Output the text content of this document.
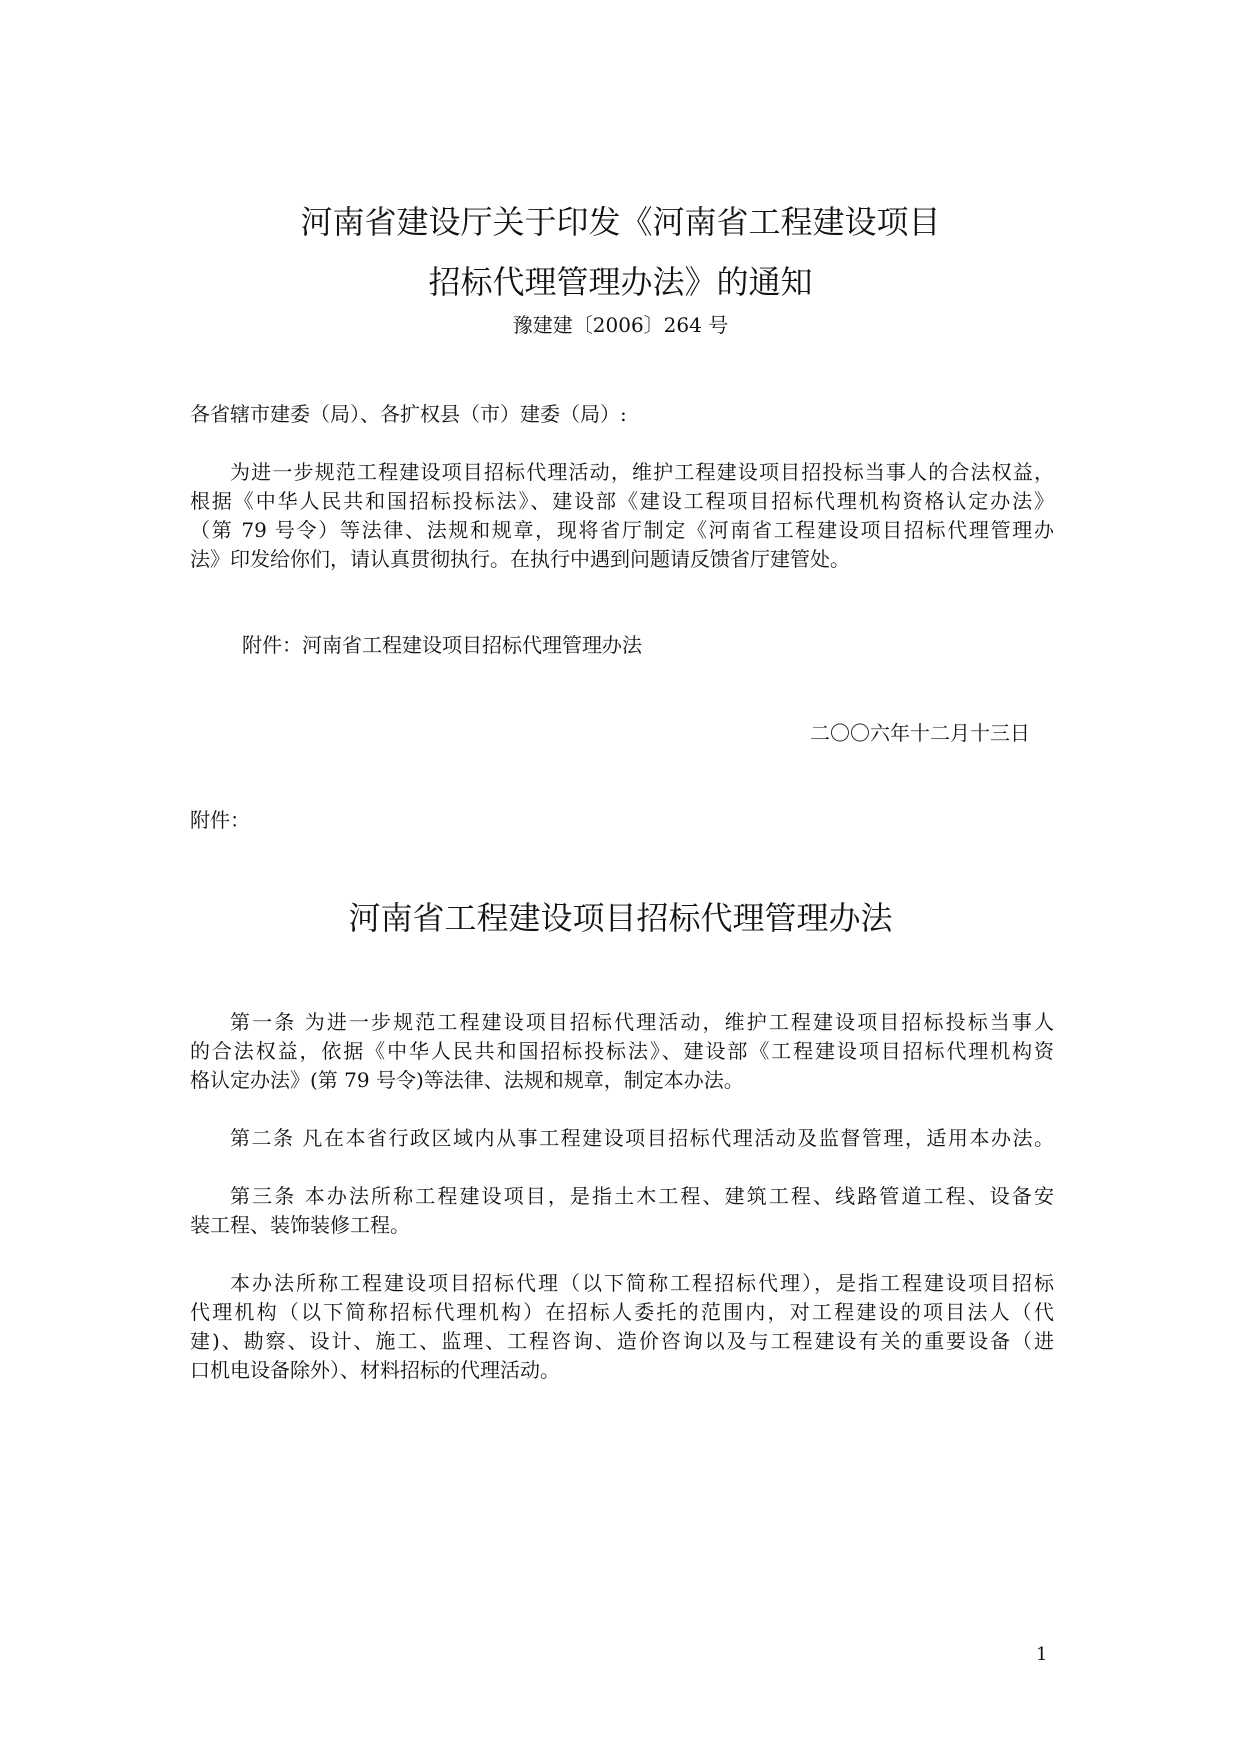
河南省建设厅关于印发《河南省工程建设项目
招标代理管理办法》的通知
豫建建〔2006〕264 号
各省辖市建委（局）、各扩权县（市）建委（局）:
为进一步规范工程建设项目招标代理活动，维护工程建设项目招投标当事人的合法权益，
根据《中华人民共和国招标投标法》、建设部《建设工程项目招标代理机构资格认定办法》
（第 79 号令）等法律、法规和规章，现将省厅制定《河南省工程建设项目招标代理管理办
法》印发给你们，请认真贯彻执行。在执行中遇到问题请反馈省厅建管处。
附件：河南省工程建设项目招标代理管理办法
二〇〇六年十二月十三日
附件：
河南省工程建设项目招标代理管理办法
第一条 为进一步规范工程建设项目招标代理活动，维护工程建设项目招标投标当事人
的合法权益，依据《中华人民共和国招标投标法》、建设部《工程建设项目招标代理机构资
格认定办法》(第 79 号令)等法律、法规和规章，制定本办法。
第二条 凡在本省行政区域内从事工程建设项目招标代理活动及监督管理，适用本办法。
第三条 本办法所称工程建设项目，是指土木工程、建筑工程、线路管道工程、设备安
装工程、装饰装修工程。
本办法所称工程建设项目招标代理（以下简称工程招标代理），是指工程建设项目招标
代理机构（以下简称招标代理机构）在招标人委托的范围内，对工程建设的项目法人（代
建)、勘察、设计、施工、监理、工程咨询、造价咨询以及与工程建设有关的重要设备（进
口机电设备除外）、材料招标的代理活动。
1
